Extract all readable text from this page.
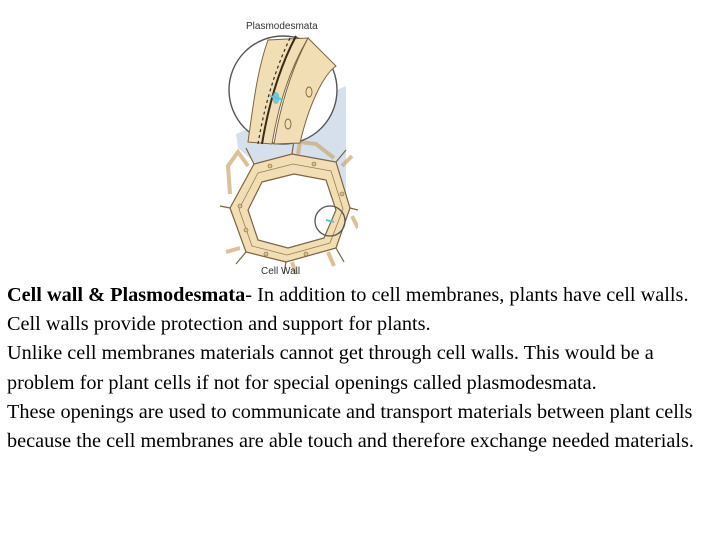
Plasmodesmata
Cell Wall

Cell wall & Plasmodesmata- In addition to cell membranes, plants have cell walls. Cell walls provide protection and support for plants.

Unlike cell membranes materials cannot get through cell walls. This would be a problem for plant cells if not for special openings called plasmodesmata.

These openings are used to communicate and transport materials between plant cells because the cell membranes are able touch and therefore exchange needed materials.
